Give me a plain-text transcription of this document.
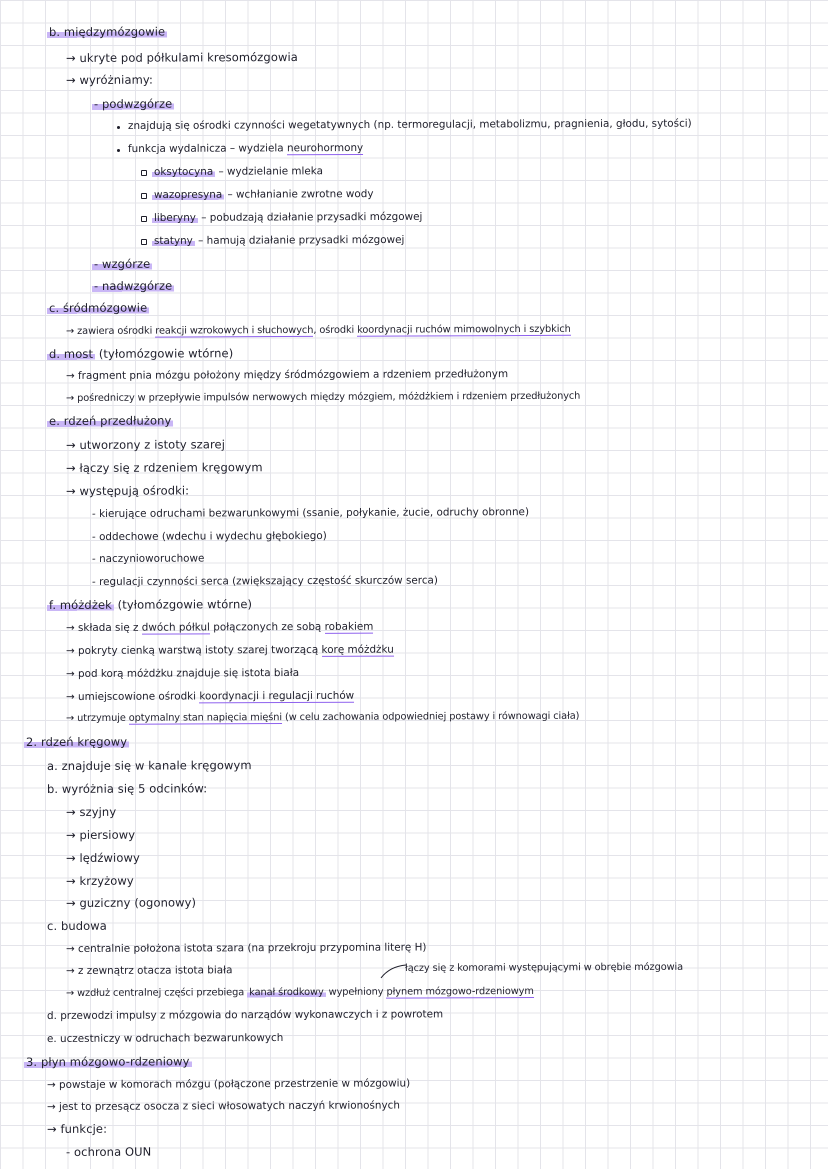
b. międzymózgowie
→ ukryte pod półkulami kresomózgowia
→ wyróżniamy:
- podwzgórze
znajdują się ośrodki czynności wegetatywnych (np. termoregulacji, metabolizmu, pragnienia, głodu, sytości)
funkcja wydalnicza – wydziela neurohormony
oksytocyna – wydzielanie mleka
wazopresyna – wchłanianie zwrotne wody
liberyny – pobudzają działanie przysadki mózgowej
statyny – hamują działanie przysadki mózgowej
- wzgórze
- nadwzgórze
c. śródmózgowie
→ zawiera ośrodki reakcji wzrokowych i słuchowych, ośrodki koordynacji ruchów mimowolnych i szybkich
d. most (tyłomózgowie wtórne)
→ fragment pnia mózgu położony między śródmózgowiem a rdzeniem przedłużonym
→ pośredniczy w przepływie impulsów nerwowych między mózgiem, móżdżkiem i rdzeniem przedłużonych
e. rdzeń przedłużony
→ utworzony z istoty szarej
→ łączy się z rdzeniem kręgowym
→ występują ośrodki:
- kierujące odruchami bezwarunkowymi (ssanie, połykanie, żucie, odruchy obronne)
- oddechowe (wdechu i wydechu głębokiego)
- naczynioworuchowe
- regulacji czynności serca (zwiększający częstość skurczów serca)
f. móżdżek (tyłomózgowie wtórne)
→ składa się z dwóch półkul połączonych ze sobą robakiem
→ pokryty cienką warstwą istoty szarej tworzącą korę móżdżku
→ pod korą móżdżku znajduje się istota biała
→ umiejscowione ośrodki koordynacji i regulacji ruchów
→ utrzymuje optymalny stan napięcia mięśni (w celu zachowania odpowiedniej postawy i równowagi ciała)
2. rdzeń kręgowy
a. znajduje się w kanale kręgowym
b. wyróżnia się 5 odcinków:
→ szyjny
→ piersiowy
→ lędźwiowy
→ krzyżowy
→ guziczny (ogonowy)
c. budowa
→ centralnie położona istota szara (na przekroju przypomina literę H)
→ z zewnątrz otacza istota biała	łączy się z komorami występującymi w obrębie mózgowia
→ wzdłuż centralnej części przebiega kanał środkowy wypełniony płynem mózgowo-rdzeniowym
d. przewodzi impulsy z mózgowia do narządów wykonawczych i z powrotem
e. uczestniczy w odruchach bezwarunkowych
3. płyn mózgowo-rdzeniowy
→ powstaje w komorach mózgu (połączone przestrzenie w mózgowiu)
→ jest to przesącz osocza z sieci włosowatych naczyń krwionośnych
→ funkcje:
- ochrona OUN
